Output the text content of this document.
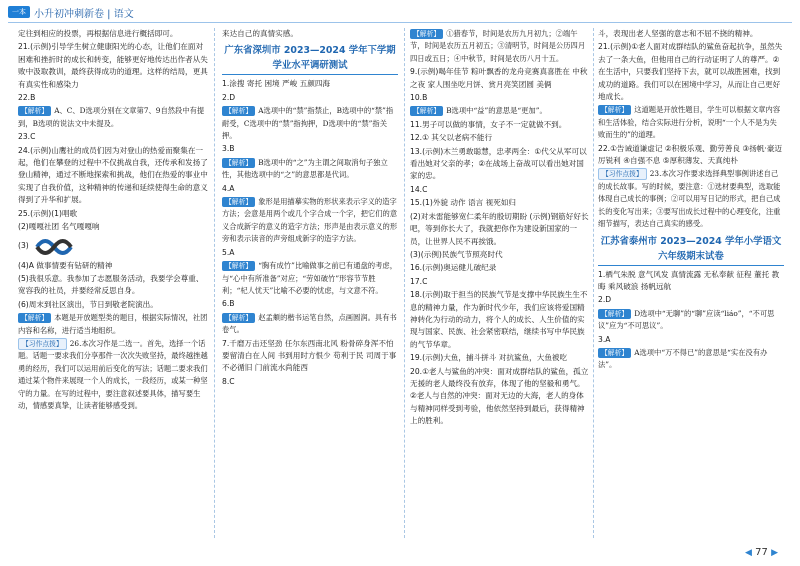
一本 小升初冲刺新卷 | 语文

定往到相应的投票，再根据信息进行概括即可。

21.(示例)引导学生树立健康阳光的心态，让他们在面对困难和挫折时的成长和转变，能够更好地传达出作者从失败中汲取教训，最终获得成功的道理。这样的结局，更具有真实性和感染力

22.B

【解析】 A、C、D选项分别在文章第7、9自然段中有提到，B选项的说法文中未提及。

23.C

24.(示例)山鹰社的成员们因为对登山的热爱而聚集在一起，他们在攀登的过程中不仅挑战自我，还传承和发扬了登山精神，通过不断地探索和挑战，他们在热爱的事业中实现了自我价值，这种精神的传递和延续使得生命的意义得到了升华和扩展。

25.(示例)(1)唱歌

(2)嘎嘎社团 名气嘎嘎响

(3)

(4)A 做事情要有钻研的精神

(5)我很乐意。我参加了志愿服务活动，我要学会尊重、宽容我的社员，并要经常反思自身。

(6)周末到社区演出，节日到敬老院演出。

【解析】 本题是开放题型类的题目，根据实际情况，社团内容和名称，进行适当地组织。

【习作点拨】 26.本次习作是二选一。首先，选择一个话题。话题一要求我们分享那件一次次失败坚持，最终越挫越勇的经历，我们可以运用前后变化的写法；话题二要求我们通过某个物件来展现一个人的成长，一段经历，或某一种坚守的力量。在写的过程中，要注意叙述要具体，描写要生动，情感要真挚，让读者能够感受到。

来达自己的真情实感。

广东省深圳市 2023—2024 学年下学期学业水平调研测试

1.涂搜 寄托 困境 严峻 五颜四海

2.D

【解析】 A选项中的“禁”指禁止，B选项中的“禁”指耐受，C选项中的“禁”指拘押，D选项中的“禁”指关押。

3.B

【解析】 B选项中的“之”为主谓之间取消句子独立性，其他选项中的“之”的意思都是代词。

4.A

【解析】 象形是用描摹实物的形状来表示字义的造字方法；会意是用两个或几个字合成一个字，把它们的意义合成新字的意义的造字方法；形声是由表示意义的形旁和表示读音的声旁组成新字的造字方法。

5.A

【解析】 “胸有成竹”比喻做事之前已有通盘的考虑，与“心中有所准备”对应；“劳如破竹”形容节节胜利；“杞人忧天”比喻不必要的忧虑，与文意不符。

6.B

【解析】 赵孟頫的楷书运笔自然，点画圆润。具有书卷气。

7.千磨万击还坚劲 任尔东西南北风 粉骨碎身浑不怕 要留清白在人间 书到用时方恨少 苟利于民 司周于事 不必循旧 门前流水尚能西

8.C

【解析】 ①猎春节，时间是农历九月初九；②端午节，时间是农历五月初五；③清明节，时间是公历四月四日或五日；④中秋节，时间是农历八月十五。

9.(示例)喝年佳节 粽叶飘香的龙舟竞赛真喜胜在 中秋之夜 家人围坐吃月饼、赏月亮笑团圆 美俩

10.B

【解析】 B选项中“益”的意思是“更加”。

11.男子可以做的事情，女子不一定就做不到。

12.① 其父以老病不能行

13.(示例)木兰勇敢聪慧，忠孝两全：①代父从军可以看出她对父亲的孝；②在战场上奋战可以看出她对国家的忠。

14.C

15.(1)外貌 动作 语言 视死如归

(2)对未雷能够宽仁柔年的殷切期盼 (示例)钢筋好好长吧，等到你长大了，我就把你作为建设新国家的一员，让世界人民不再挨饿。

(3)(示例)民族气节照亮时代

16.(示例)奥运健儿破纪录

17.C

18.(示例)取于担当的民族气节是支撑中华民族生生不息的精神力量，作为新时代少年，我们应该将爱国精神转化为行动的动力，将个人的成长、人生价值的实现与国家、民族、社会紧密联结，继续书写中华民族的气节华章。

19.(示例)大鱼，捕斗拼斗 对抗鲨鱼，大鱼被吃

20.①老人与鲨鱼的冲突：面对成群结队的鲨鱼，孤立无援的老人最终没有放弃，体现了他的坚毅和勇气。②老人与自然的冲突：面对无边的大海，老人的身体与精神同样受到考验，他依然坚持到最后，获得精神上的胜利。

斗，表现出老人坚强的意志和不屈不挠的精神。

21.(示例)①老人面对成群结队的鲨鱼奋起抗争，虽然失去了一条大鱼，但他用自己的行动证明了人的尊严。②在生活中，只要我们坚持下去，就可以战胜困难，找到成功的道路。我们可以在困境中学习，从而让自己更好地成长。

【解析】 这道题是开放性题目，学生可以根据文章内容和生活体验，结合实际进行分析，说明“一个人不是为失败而生的”的道理。

22.①告诫道谦虚记 ②积极乐观、勤劳善良 ③扬帆·豪迈厉锐利 ④自强不息 ⑤厚积薄发、天真纯朴

【习作点拨】 23.本次习作要求选择典型事例讲述自己的成长故事。写的时候，要注意：①选材要典型，选取能体现自己成长的事例；②可以用写日记的形式，把自己成长的变化写出来；③要写出成长过程中的心理变化，注重细节描写，表达自己真实的感受。

江苏省泰州市 2023—2024 学年小学语文六年级期末试卷

1.栖气朱脱 意气风发 真情流露 无私奉献 征程 董托 教晦 乘风破浪 扬帆远航

2.D

【解析】 D选项中“无聊”的“聊”应读“liáo”，“不可思议”应为“不可思议”。

3.A

【解析】 A选项中“万不得已”的意思是“实在没有办法”。

◀ 77 ▶
